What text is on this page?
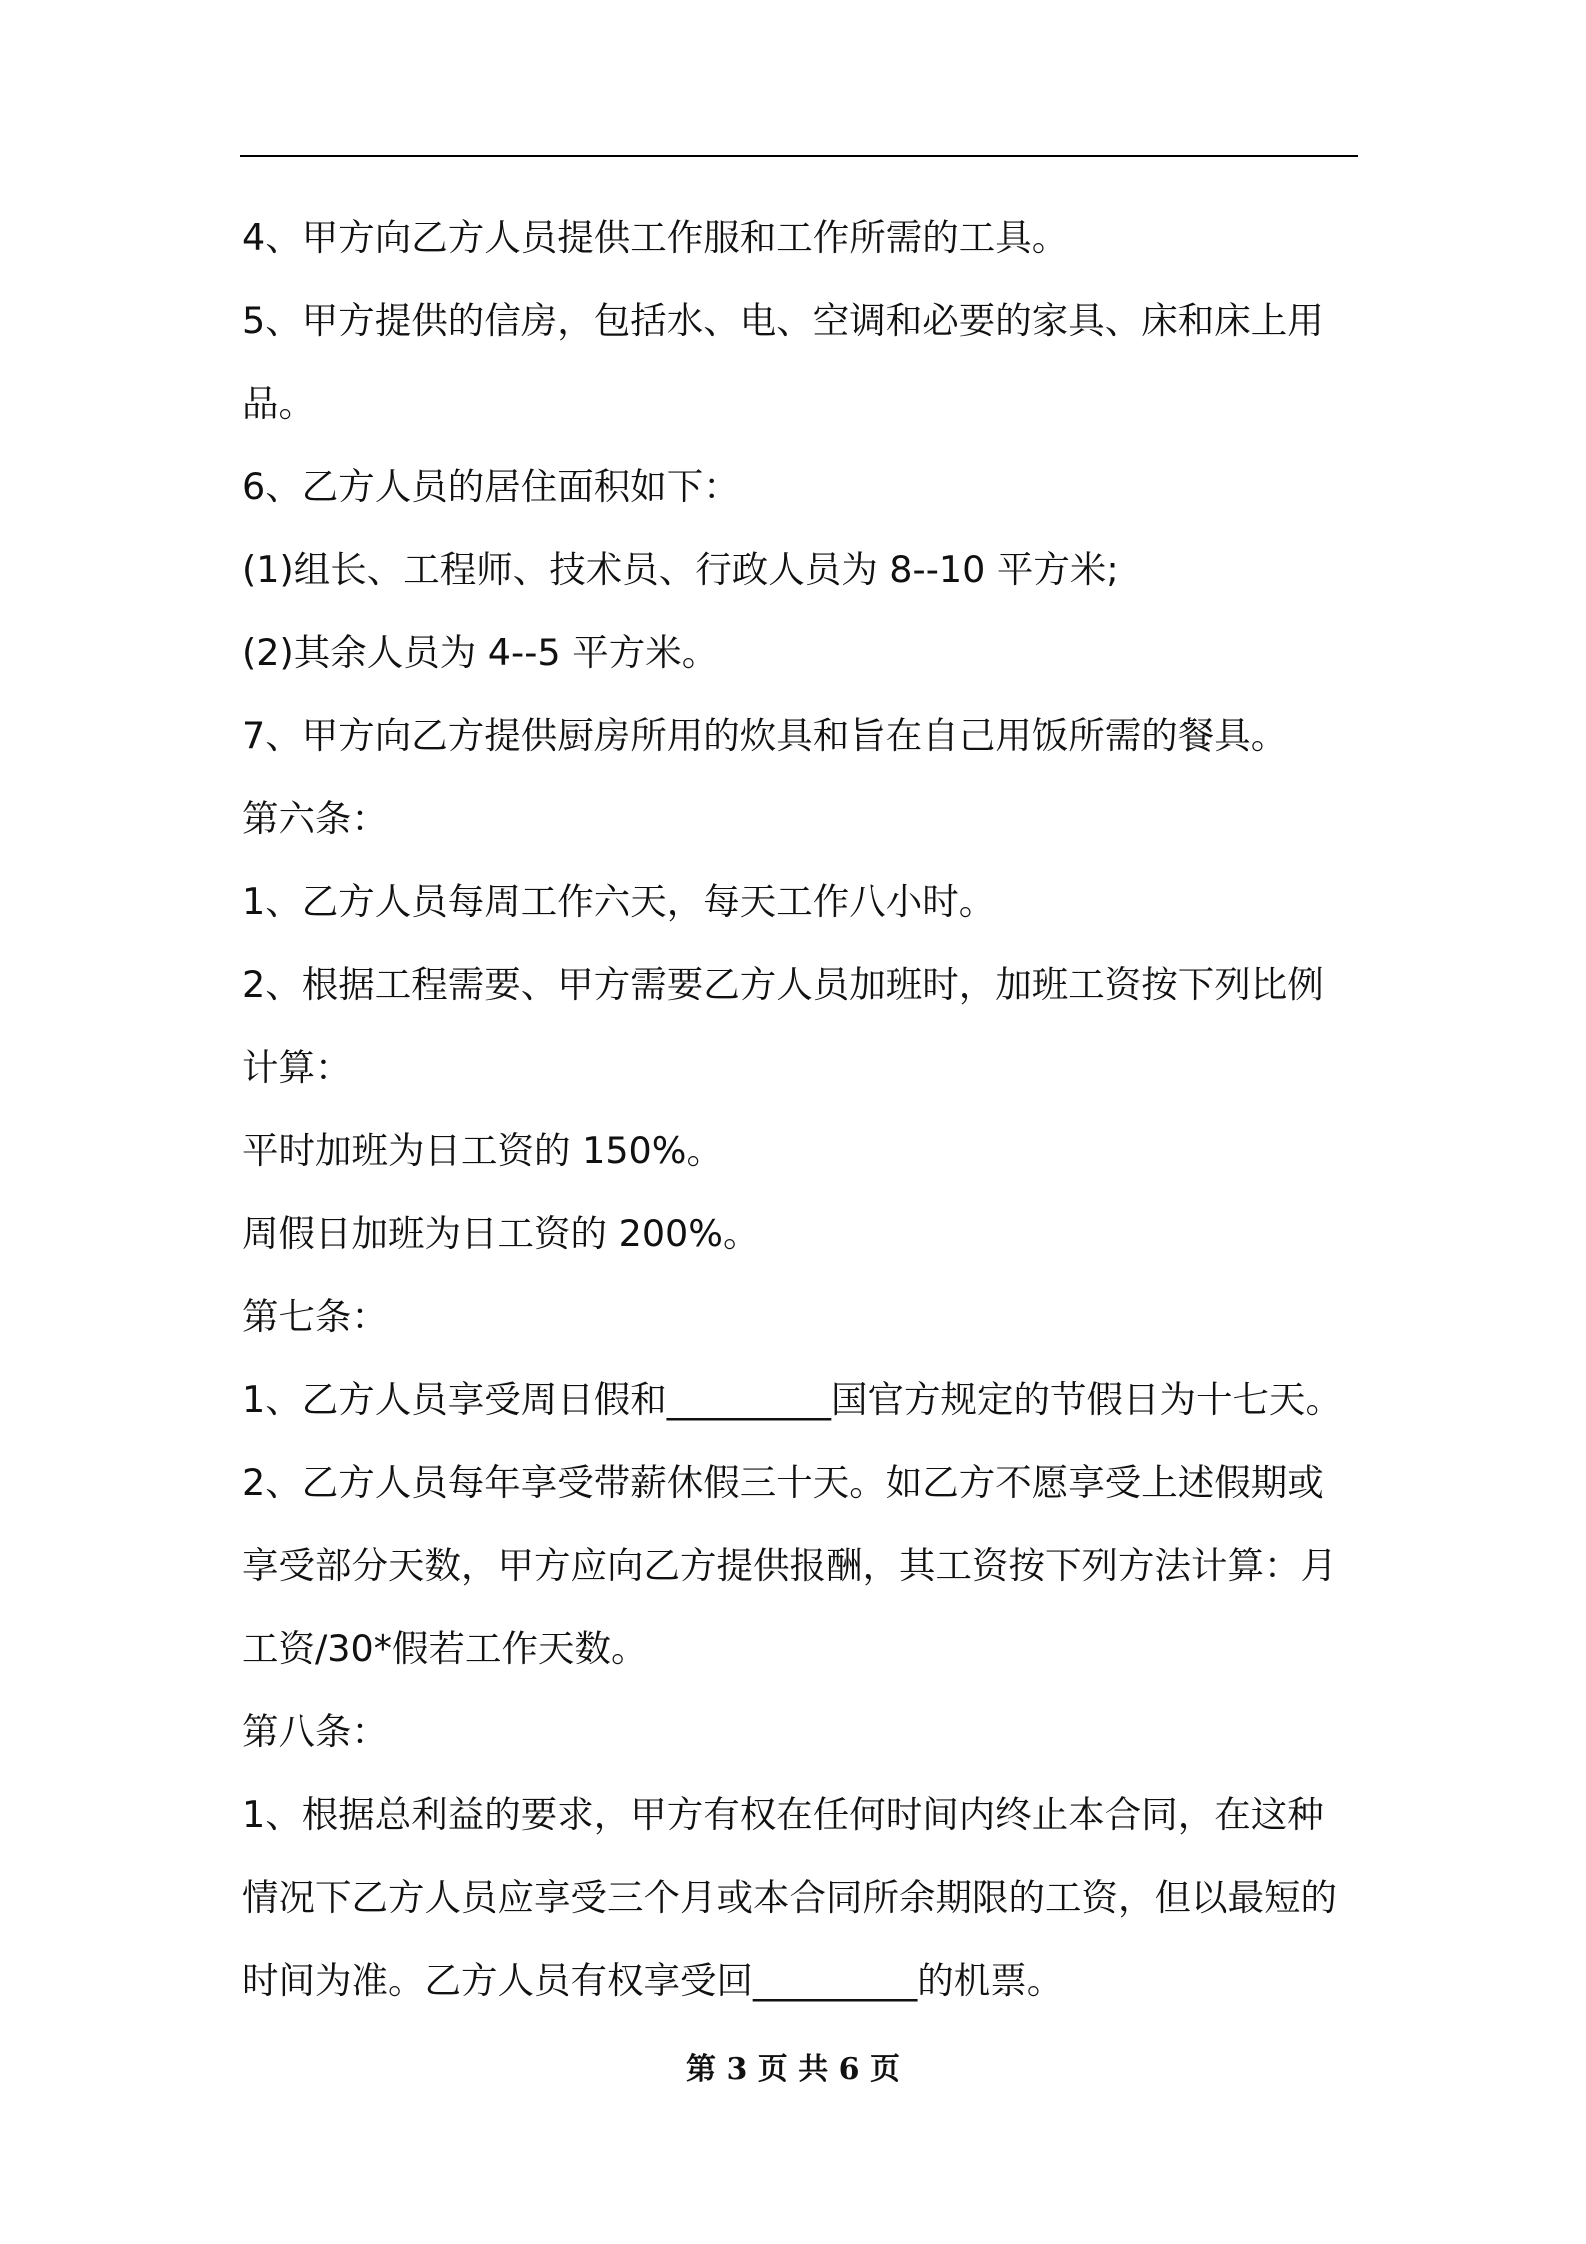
4、甲方向乙方人员提供工作服和工作所需的工具。
5、甲方提供的信房，包括水、电、空调和必要的家具、床和床上用
品。
6、乙方人员的居住面积如下：
(1)组长、工程师、技术员、行政人员为 8--10 平方米;
(2)其余人员为 4--5 平方米。
7、甲方向乙方提供厨房所用的炊具和旨在自己用饭所需的餐具。
第六条：
1、乙方人员每周工作六天，每天工作八小时。
2、根据工程需要、甲方需要乙方人员加班时，加班工资按下列比例
计算：
平时加班为日工资的 150%。
周假日加班为日工资的 200%。
第七条：
1、乙方人员享受周日假和_________国官方规定的节假日为十七天。
2、乙方人员每年享受带薪休假三十天。如乙方不愿享受上述假期或
享受部分天数，甲方应向乙方提供报酬，其工资按下列方法计算：月
工资/30*假若工作天数。
第八条：
1、根据总利益的要求，甲方有权在任何时间内终止本合同，在这种
情况下乙方人员应享受三个月或本合同所余期限的工资，但以最短的
时间为准。乙方人员有权享受回_________的机票。
第 3 页 共 6 页
